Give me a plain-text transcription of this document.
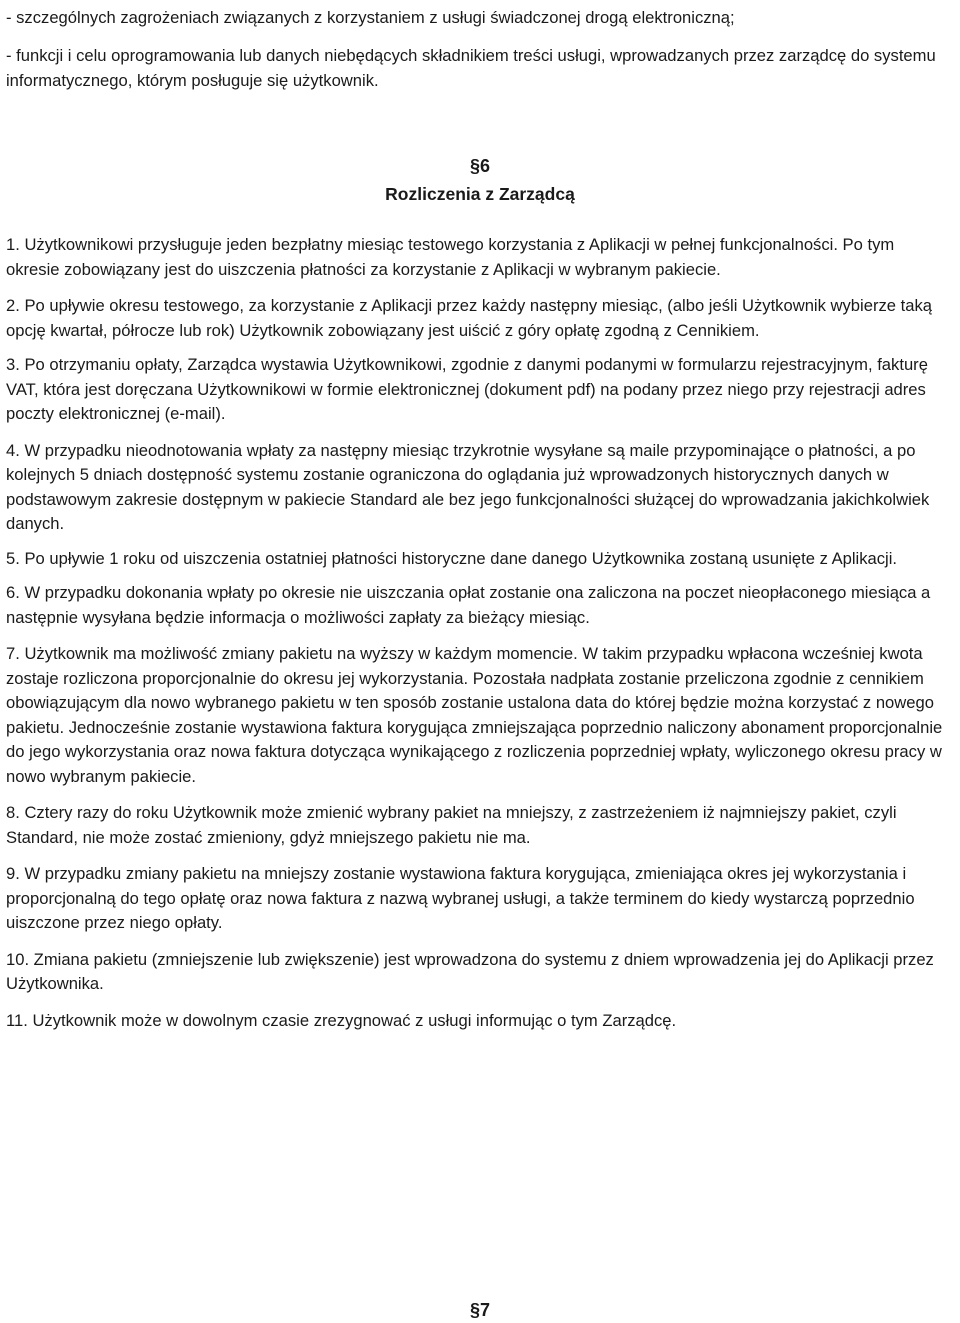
- szczególnych zagrożeniach związanych z korzystaniem z usługi świadczonej drogą elektroniczną;

- funkcji i celu oprogramowania lub danych niebędących składnikiem treści usługi, wprowadzanych przez zarządcę do systemu informatycznego, którym posługuje się użytkownik.

§6

Rozliczenia z Zarządcą

1. Użytkownikowi przysługuje jeden bezpłatny miesiąc testowego korzystania z Aplikacji w pełnej funkcjonalności. Po tym okresie zobowiązany jest do uiszczenia płatności za korzystanie z Aplikacji w wybranym pakiecie.

2. Po upływie okresu testowego, za korzystanie z Aplikacji przez każdy następny miesiąc, (albo jeśli Użytkownik wybierze taką opcję kwartał, półrocze lub rok) Użytkownik zobowiązany jest uiścić z góry opłatę zgodną z Cennikiem.

3. Po otrzymaniu opłaty, Zarządca wystawia Użytkownikowi, zgodnie z danymi podanymi w formularzu rejestracyjnym, fakturę VAT, która jest doręczana Użytkownikowi w formie elektronicznej (dokument pdf) na podany przez niego przy rejestracji adres poczty elektronicznej (e-mail).

4. W przypadku nieodnotowania wpłaty za następny miesiąc trzykrotnie wysyłane są maile przypominające o płatności, a po kolejnych 5 dniach dostępność systemu zostanie ograniczona do oglądania już wprowadzonych historycznych danych w podstawowym zakresie dostępnym w pakiecie Standard ale bez jego funkcjonalności służącej do wprowadzania jakichkolwiek danych.

5. Po upływie 1 roku od uiszczenia ostatniej płatności historyczne dane danego Użytkownika zostaną usunięte z Aplikacji.

6. W przypadku dokonania wpłaty po okresie nie uiszczania opłat zostanie ona zaliczona na poczet nieopłaconego miesiąca a następnie wysyłana będzie informacja o możliwości zapłaty za bieżący miesiąc.

7. Użytkownik ma możliwość zmiany pakietu na wyższy w każdym momencie. W takim przypadku wpłacona wcześniej kwota zostaje rozliczona proporcjonalnie do okresu jej wykorzystania. Pozostała nadpłata zostanie przeliczona zgodnie z cennikiem obowiązującym dla nowo wybranego pakietu w ten sposób zostanie ustalona data do której będzie można korzystać z nowego pakietu. Jednocześnie zostanie wystawiona faktura korygująca zmniejszająca poprzednio naliczony abonament proporcjonalnie do jego wykorzystania oraz nowa faktura dotycząca wynikającego z rozliczenia poprzedniej wpłaty, wyliczonego okresu pracy w nowo wybranym pakiecie.

8. Cztery razy do roku Użytkownik może zmienić wybrany pakiet na mniejszy, z zastrzeżeniem iż najmniejszy pakiet, czyli Standard, nie może zostać zmieniony, gdyż mniejszego pakietu nie ma.

9. W przypadku zmiany pakietu na mniejszy zostanie wystawiona faktura korygująca, zmieniająca okres jej wykorzystania i proporcjonalną do tego opłatę oraz nowa faktura z nazwą wybranej usługi, a także terminem do kiedy wystarczą poprzednio uiszczone przez niego opłaty.

10. Zmiana pakietu (zmniejszenie lub zwiększenie) jest wprowadzona do systemu z dniem wprowadzenia jej do Aplikacji przez Użytkownika.

11. Użytkownik może w dowolnym czasie zrezygnować z usługi informując o tym Zarządcę.

§7
